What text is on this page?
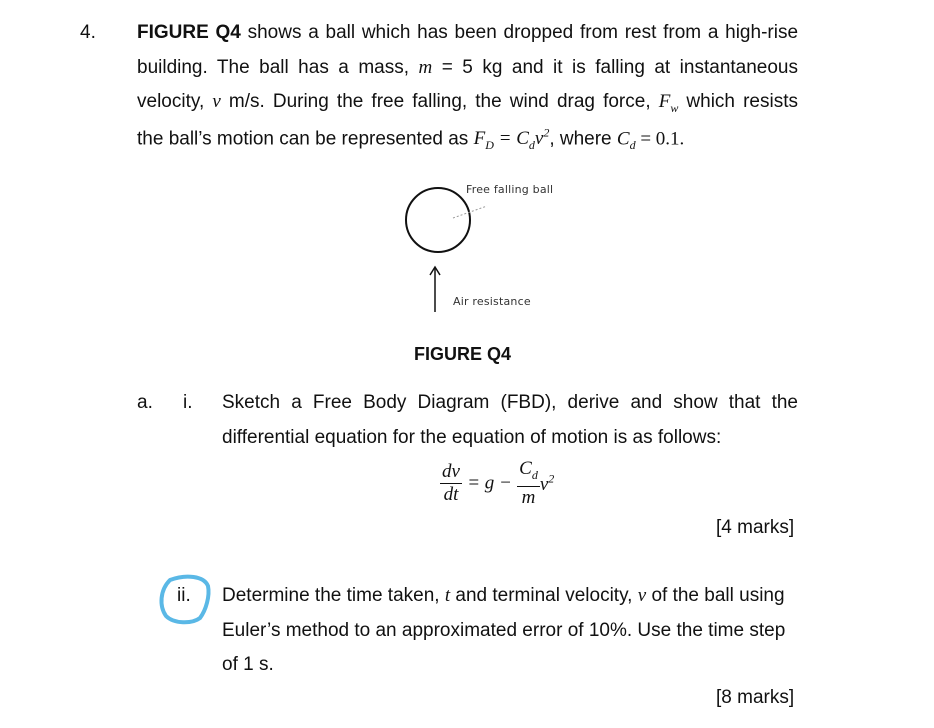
4. FIGURE Q4 shows a ball which has been dropped from rest from a high-rise
building. The ball has a mass, m = 5 kg and it is falling at instantaneous
velocity, v m/s. During the free falling, the wind drag force, $F_w$ which resists
the ball’s motion can be represented as $F_D = C_dv^2$, where $C_d = 0.1$.
Free falling ball
Air resistance
FIGURE Q4
a. i. Sketch a Free Body Diagram (FBD), derive and show that the
differential equation for the equation of motion is as follows:
$\frac{dv}{dt} = g - \frac{C_d}{m} v^2$
[4 marks]
ii. Determine the time taken, t and terminal velocity, v of the ball using
Euler’s method to an approximated error of 10%. Use the time step
of 1 s.
[8 marks]
